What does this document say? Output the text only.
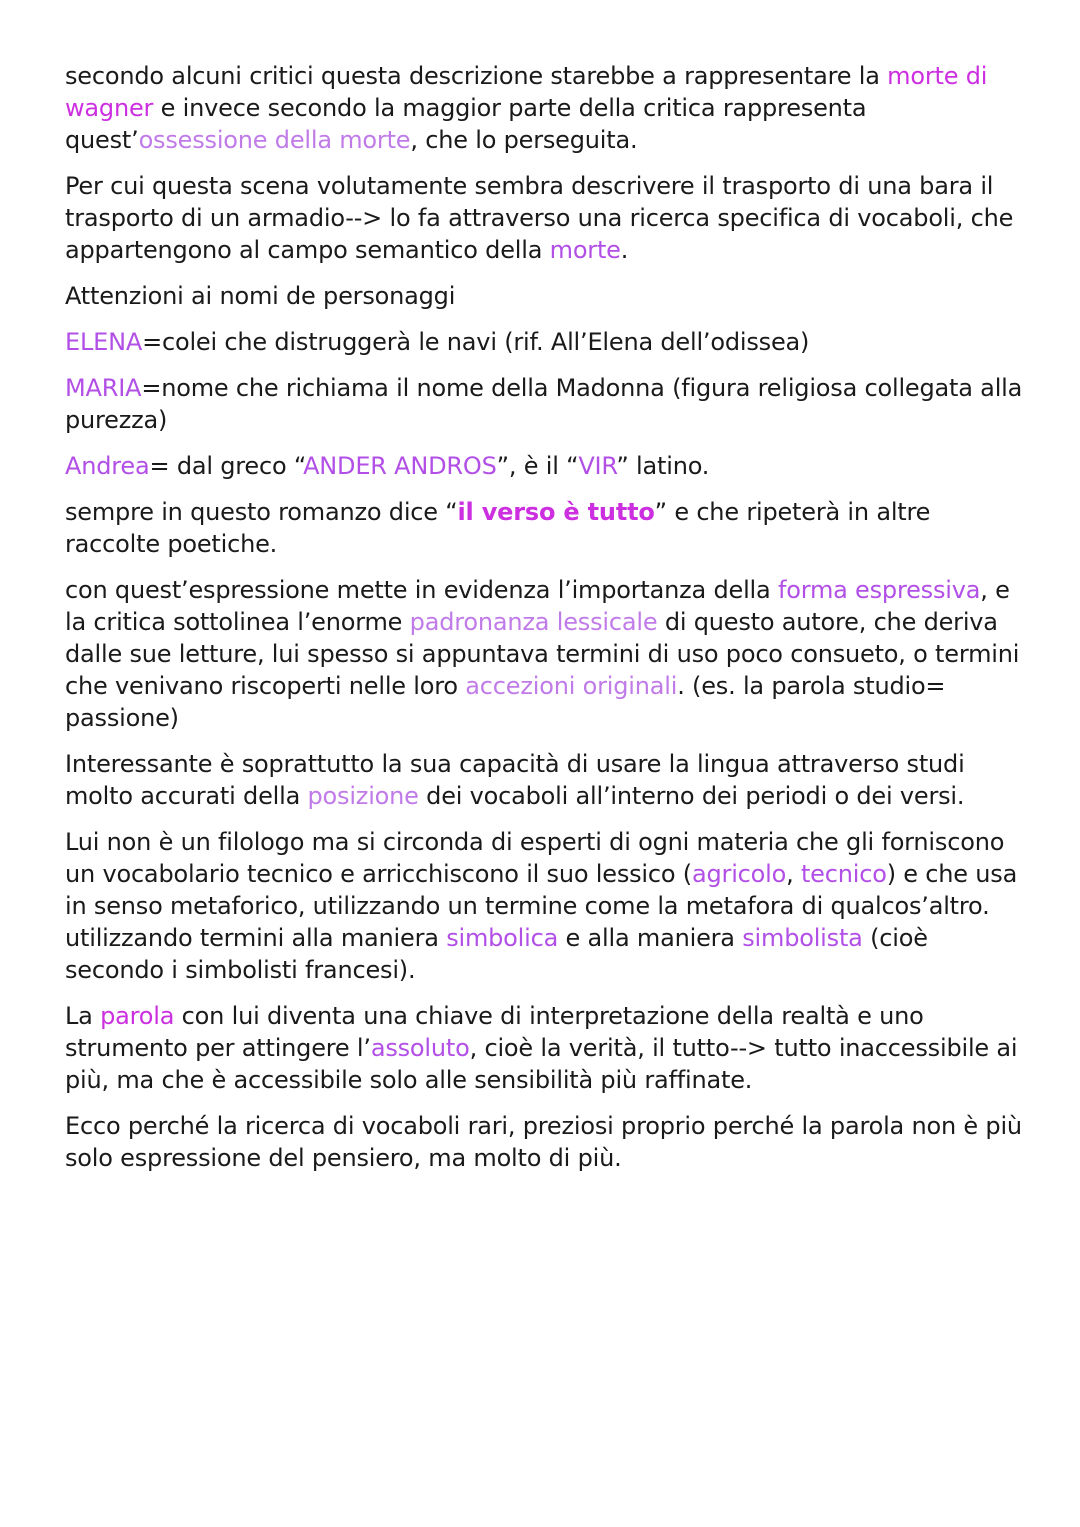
secondo alcuni critici questa descrizione starebbe a rappresentare la morte di wagner e invece secondo la maggior parte della critica rappresenta quest’ossessione della morte, che lo perseguita.

Per cui questa scena volutamente sembra descrivere il trasporto di una bara il trasporto di un armadio--> lo fa attraverso una ricerca specifica di vocaboli, che appartengono al campo semantico della morte.

Attenzioni ai nomi de personaggi

ELENA=colei che distruggerà le navi (rif. All’Elena dell’odissea)

MARIA=nome che richiama il nome della Madonna (figura religiosa collegata alla purezza)

Andrea= dal greco “ANDER ANDROS”, è il “VIR” latino.

sempre in questo romanzo dice “il verso è tutto” e che ripeterà in altre raccolte poetiche.

con quest’espressione mette in evidenza l’importanza della forma espressiva, e la critica sottolinea l’enorme padronanza lessicale di questo autore, che deriva dalle sue letture, lui spesso si appuntava termini di uso poco consueto, o termini che venivano riscoperti nelle loro accezioni originali. (es. la parola studio= passione)

Interessante è soprattutto la sua capacità di usare la lingua attraverso studi molto accurati della posizione dei vocaboli all’interno dei periodi o dei versi.

Lui non è un filologo ma si circonda di esperti di ogni materia che gli forniscono un vocabolario tecnico e arricchiscono il suo lessico (agricolo, tecnico) e che usa in senso metaforico, utilizzando un termine come la metafora di qualcos’altro. utilizzando termini alla maniera simbolica e alla maniera simbolista (cioè secondo i simbolisti francesi).

La parola con lui diventa una chiave di interpretazione della realtà e uno strumento per attingere l’assoluto, cioè la verità, il tutto--> tutto inaccessibile ai più, ma che è accessibile solo alle sensibilità più raffinate.

Ecco perché la ricerca di vocaboli rari, preziosi proprio perché la parola non è più solo espressione del pensiero, ma molto di più.
